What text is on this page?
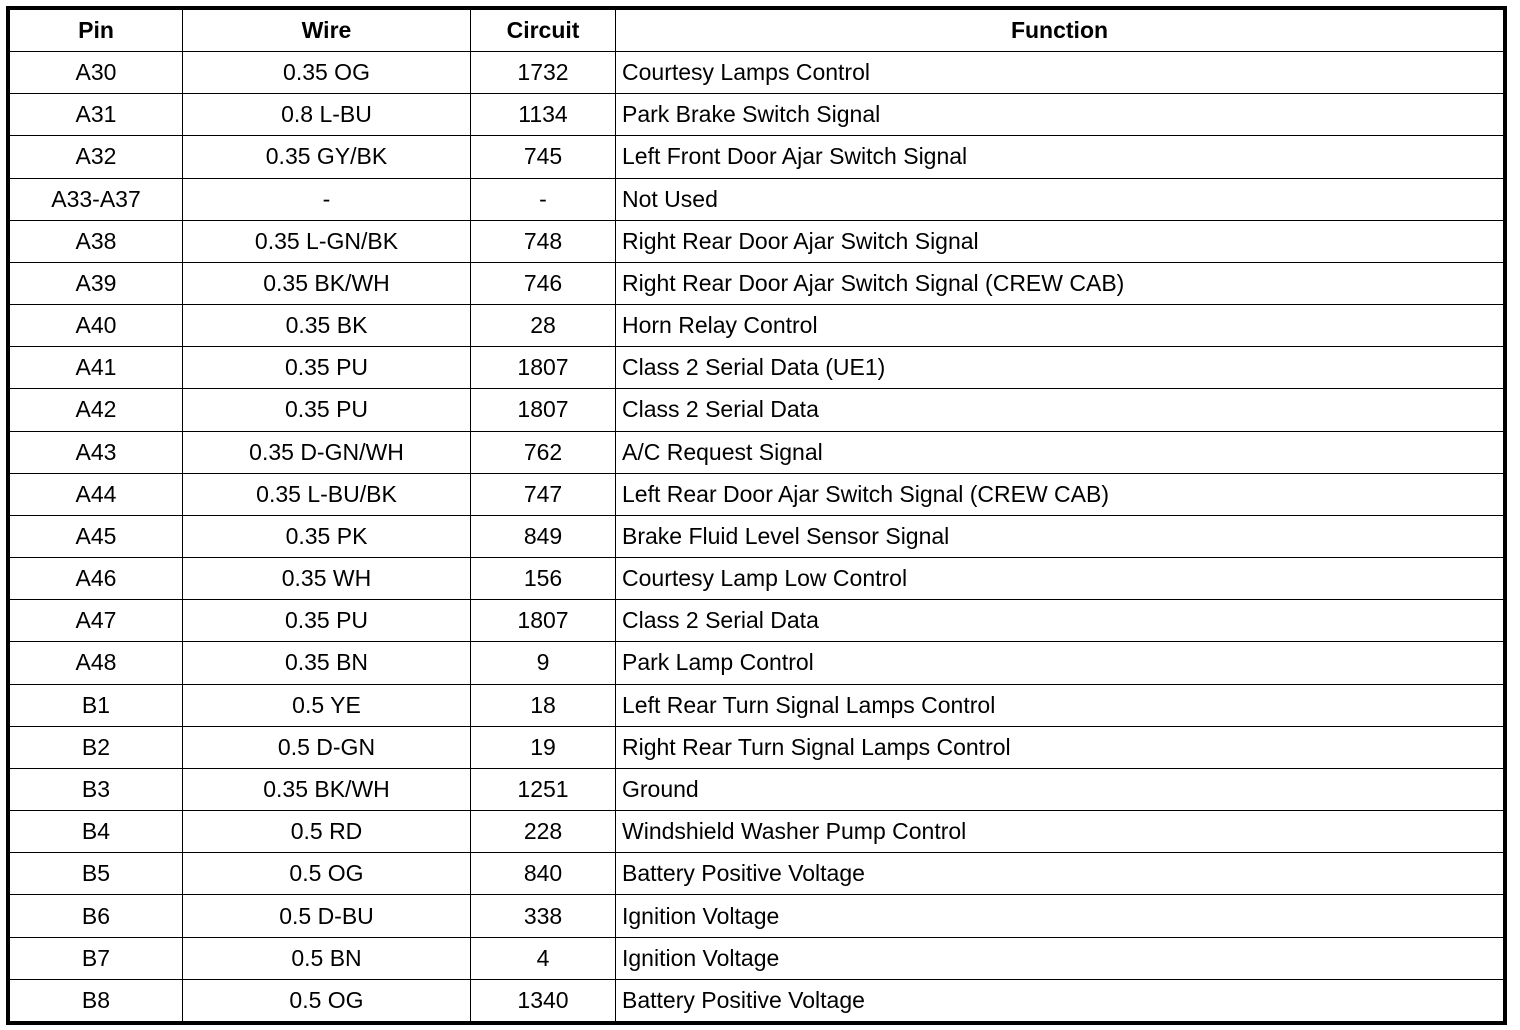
Pin	Wire	Circuit	Function
A30	0.35 OG	1732	Courtesy Lamps Control
A31	0.8 L-BU	1134	Park Brake Switch Signal
A32	0.35 GY/BK	745	Left Front Door Ajar Switch Signal
A33-A37	-	-	Not Used
A38	0.35 L-GN/BK	748	Right Rear Door Ajar Switch Signal
A39	0.35 BK/WH	746	Right Rear Door Ajar Switch Signal (CREW CAB)
A40	0.35 BK	28	Horn Relay Control
A41	0.35 PU	1807	Class 2 Serial Data (UE1)
A42	0.35 PU	1807	Class 2 Serial Data
A43	0.35 D-GN/WH	762	A/C Request Signal
A44	0.35 L-BU/BK	747	Left Rear Door Ajar Switch Signal (CREW CAB)
A45	0.35 PK	849	Brake Fluid Level Sensor Signal
A46	0.35 WH	156	Courtesy Lamp Low Control
A47	0.35 PU	1807	Class 2 Serial Data
A48	0.35 BN	9	Park Lamp Control
B1	0.5 YE	18	Left Rear Turn Signal Lamps Control
B2	0.5 D-GN	19	Right Rear Turn Signal Lamps Control
B3	0.35 BK/WH	1251	Ground
B4	0.5 RD	228	Windshield Washer Pump Control
B5	0.5 OG	840	Battery Positive Voltage
B6	0.5 D-BU	338	Ignition Voltage
B7	0.5 BN	4	Ignition Voltage
B8	0.5 OG	1340	Battery Positive Voltage
